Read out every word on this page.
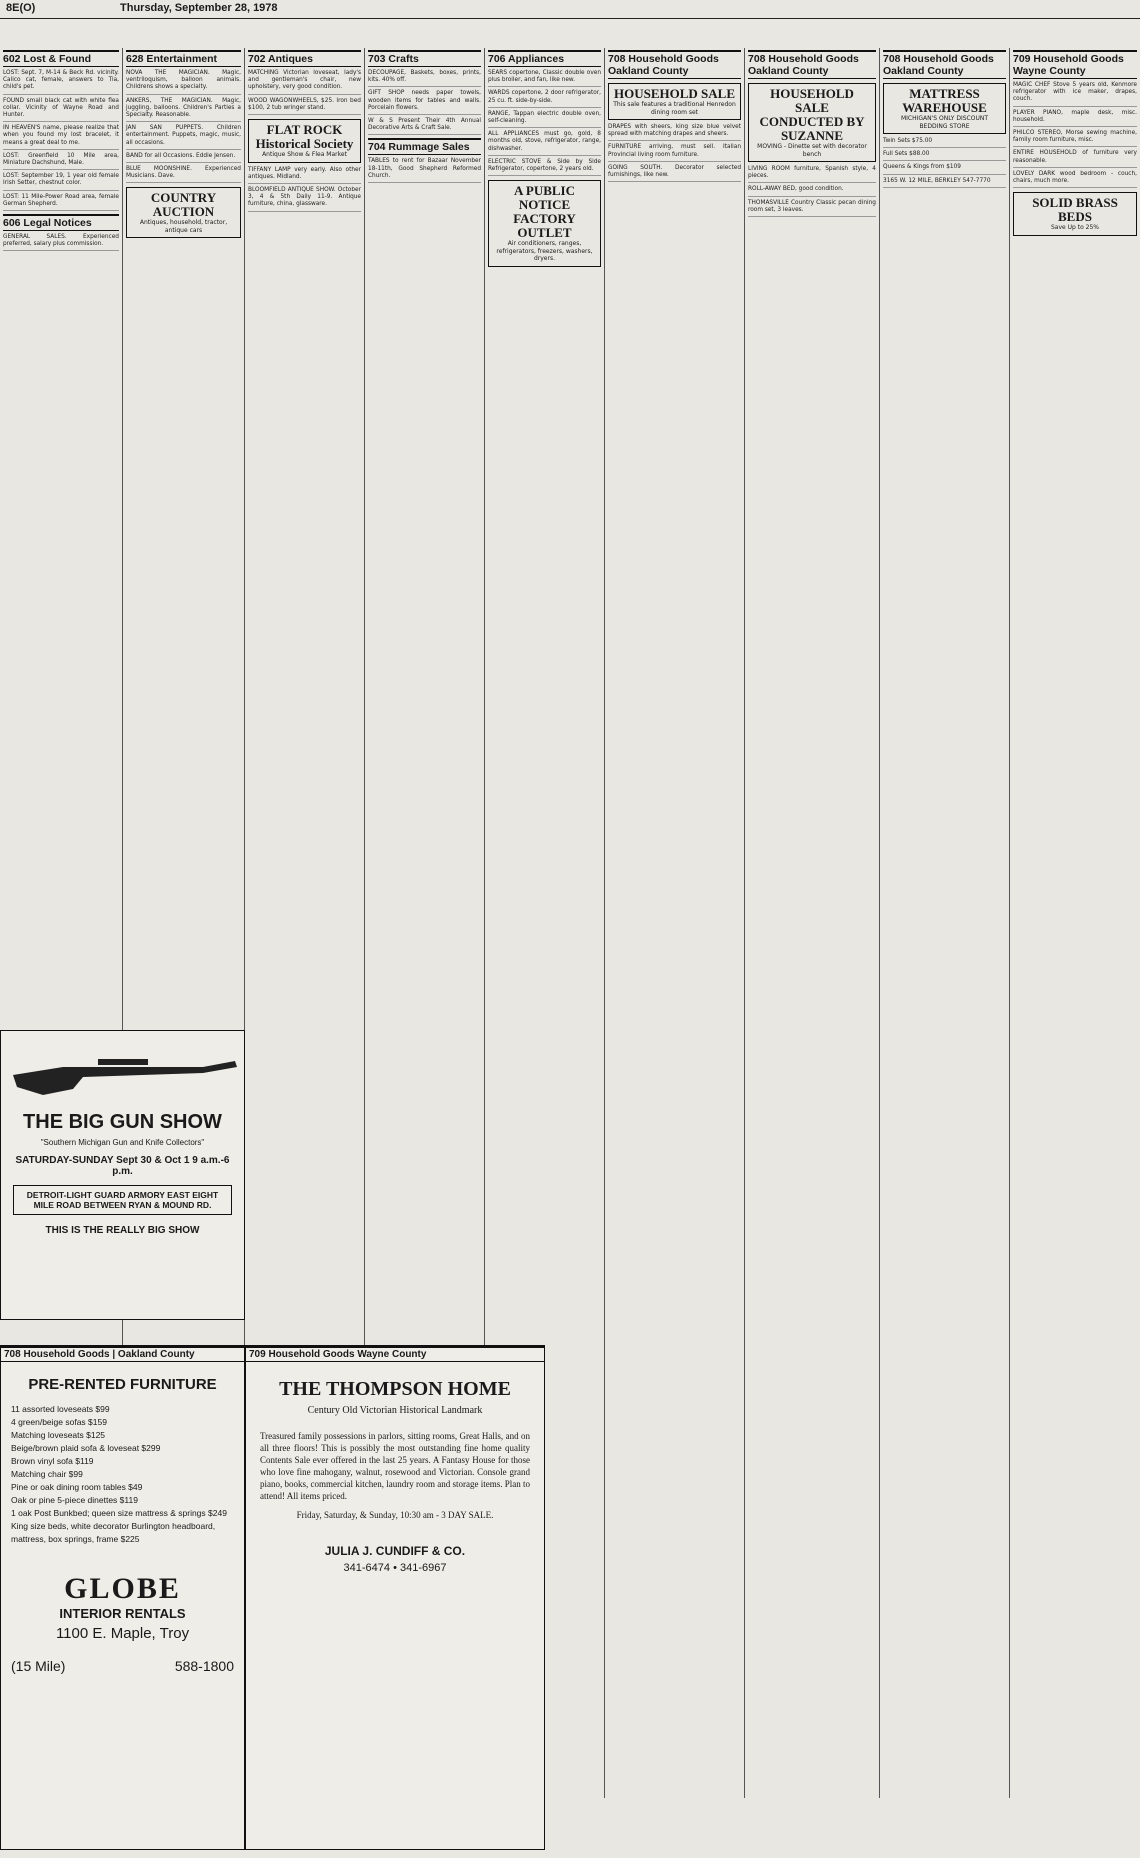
8E(O)	Thursday, September 28, 1978
602 Lost & Found
LOST: Sept. 7, M-14 & Beck Rd. vicinity. Calico cat, female, answers to Tia, child's pet.
FOUND small black cat with white flea collar. Vicinity of Wayne Road and Hunter.
IN HEAVEN'S name, please realize that when you found my lost bracelet, it means a great deal to me.
LOST: Greenfield 10 Mile area, Miniature Dachshund, Male.
LOST: September 19, 1 year old female Irish Setter, chestnut color.
LOST: 11 Mile-Power Road area, female German Shepherd.
606 Legal Notices
GENERAL SALES. Experienced preferred, salary plus commission.
628 Entertainment
NOVA THE MAGICIAN. Magic, ventriloquism, balloon animals. Childrens shows a specialty.
ANKERS, THE MAGICIAN. Magic, juggling, balloons. Children's Parties a Specialty. Reasonable.
JAN SAN PUPPETS. Children entertainment. Puppets, magic, music, all occasions.
BAND for all Occasions. Eddie Jensen.
BLUE MOONSHINE. Experienced Musicians. Dave.
COUNTRY AUCTION
Antiques, household, tractor, antique cars
702 Antiques
MATCHING Victorian loveseat, lady's and gentleman's chair, new upholstery, very good condition.
WOOD WAGONWHEELS, $25. Iron bed $100, 2 tub wringer stand.
FLAT ROCK Historical Society
Antique Show & Flea Market
TIFFANY LAMP very early. Also other antiques. Midland.
BLOOMFIELD ANTIQUE SHOW. October 3, 4 & 5th Daily 11-9. Antique furniture, china, glassware.
703 Crafts
DECOUPAGE, Baskets, boxes, prints, kits. 40% off.
GIFT SHOP needs paper towels, wooden items for tables and walls. Porcelain flowers.
W & S Present Their 4th Annual Decorative Arts & Craft Sale.
704 Rummage Sales
TABLES to rent for Bazaar November 18-11th, Good Shepherd Reformed Church.
706 Appliances
SEARS copertone, Classic double oven plus broiler, and fan, like new.
WARDS copertone, 2 door refrigerator, 25 cu. ft. side-by-side.
RANGE, Tappan electric double oven, self-cleaning.
ALL APPLIANCES must go, gold, 8 months old, stove, refrigerator, range, dishwasher.
ELECTRIC STOVE & Side by Side Refrigerator, copertone, 2 years old.
A PUBLIC NOTICE FACTORY OUTLET
Air conditioners, ranges, refrigerators, freezers, washers, dryers.
708 Household Goods Oakland County
HOUSEHOLD SALE
This sale features a traditional Henredon dining room set
DRAPES with sheers, king size blue velvet spread with matching drapes and sheers.
FURNITURE arriving, must sell. Italian Provincial living room furniture.
GOING SOUTH. Decorator selected furnishings, like new.
708 Household Goods Oakland County
HOUSEHOLD SALE CONDUCTED BY SUZANNE
MOVING - Dinette set with decorator bench
LIVING ROOM furniture, Spanish style, 4 pieces.
ROLL-AWAY BED, good condition.
THOMASVILLE Country Classic pecan dining room set, 3 leaves.
708 Household Goods Oakland County
MATTRESS WAREHOUSE
MICHIGAN'S ONLY DISCOUNT BEDDING STORE
Twin Sets $75.00
Full Sets $88.00
Queens & Kings from $109
3165 W. 12 MILE, BERKLEY 547-7770
709 Household Goods Wayne County
MAGIC CHEF Stove 5 years old, Kenmore refrigerator with ice maker, drapes, couch.
PLAYER PIANO, maple desk, misc. household.
PHILCO STEREO, Morse sewing machine, family room furniture, misc.
ENTIRE HOUSEHOLD of furniture very reasonable.
LOVELY DARK wood bedroom - couch, chairs, much more.
SOLID BRASS BEDS
Save Up to 25%
THE BIG GUN SHOW
"Southern Michigan Gun and Knife Collectors"
SATURDAY-SUNDAY Sept 30 & Oct 1 9 a.m.-6 p.m.
DETROIT-LIGHT GUARD ARMORY EAST EIGHT MILE ROAD BETWEEN RYAN & MOUND RD.
THIS IS THE REALLY BIG SHOW
708 Household Goods | Oakland County
PRE-RENTED FURNITURE
11 assorted loveseats $99
4 green/beige sofas $159
Matching loveseats $125
Beige/brown plaid sofa & loveseat $299
Brown vinyl sofa $119
Matching chair $99
Pine or oak dining room tables $49
Oak or pine 5-piece dinettes $119
1 oak Post Bunkbed; queen size mattress & springs $249
King size beds, white decorator Burlington headboard, mattress, box springs, frame $225
GLOBE
INTERIOR RENTALS
1100 E. Maple, Troy
(15 Mile)	588-1800
709 Household Goods Wayne County
THE THOMPSON HOME
Century Old Victorian Historical Landmark
Treasured family possessions in parlors, sitting rooms, Great Halls, and on all three floors! This is possibly the most outstanding fine home quality Contents Sale ever offered in the last 25 years. A Fantasy House for those who love fine mahogany, walnut, rosewood and Victorian. Console grand piano, books, commercial kitchen, laundry room and storage items. Plan to attend! All items priced.
Friday, Saturday, & Sunday, 10:30 am - 3 DAY SALE.
JULIA J. CUNDIFF & CO.
341-6474 • 341-6967
